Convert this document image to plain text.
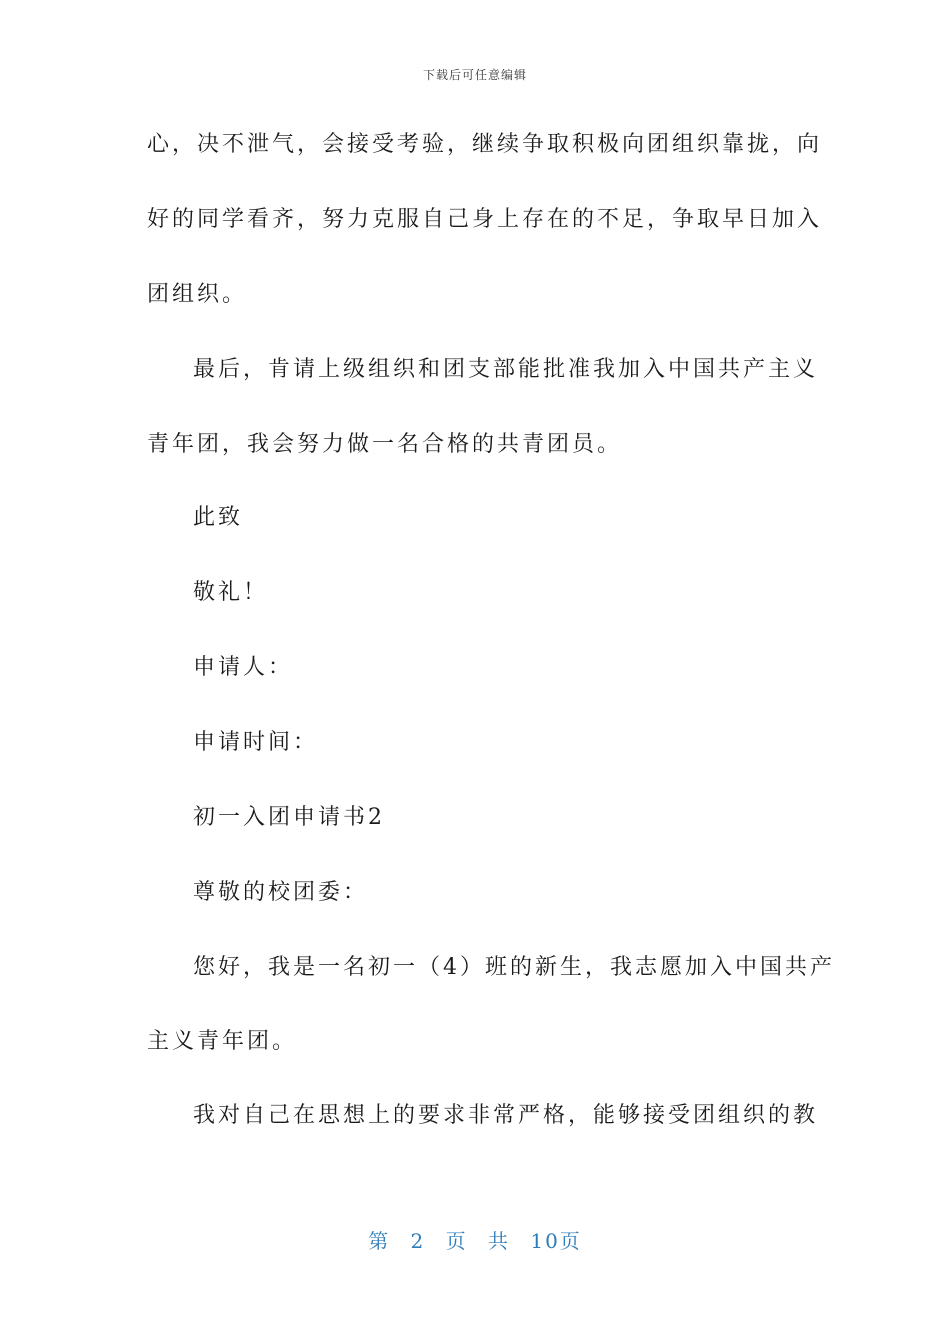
下载后可任意编辑
心，决不泄气，会接受考验，继续争取积极向团组织靠拢，向
好的同学看齐，努力克服自己身上存在的不足，争取早日加入
团组织。
最后，肯请上级组织和团支部能批准我加入中国共产主义
青年团，我会努力做一名合格的共青团员。
此致
敬礼！
申请人：
申请时间：
初一入团申请书2
尊敬的校团委：
您好，我是一名初一（4）班的新生，我志愿加入中国共产
主义青年团。
我对自己在思想上的要求非常严格，能够接受团组织的教
第 2 页 共 10页
